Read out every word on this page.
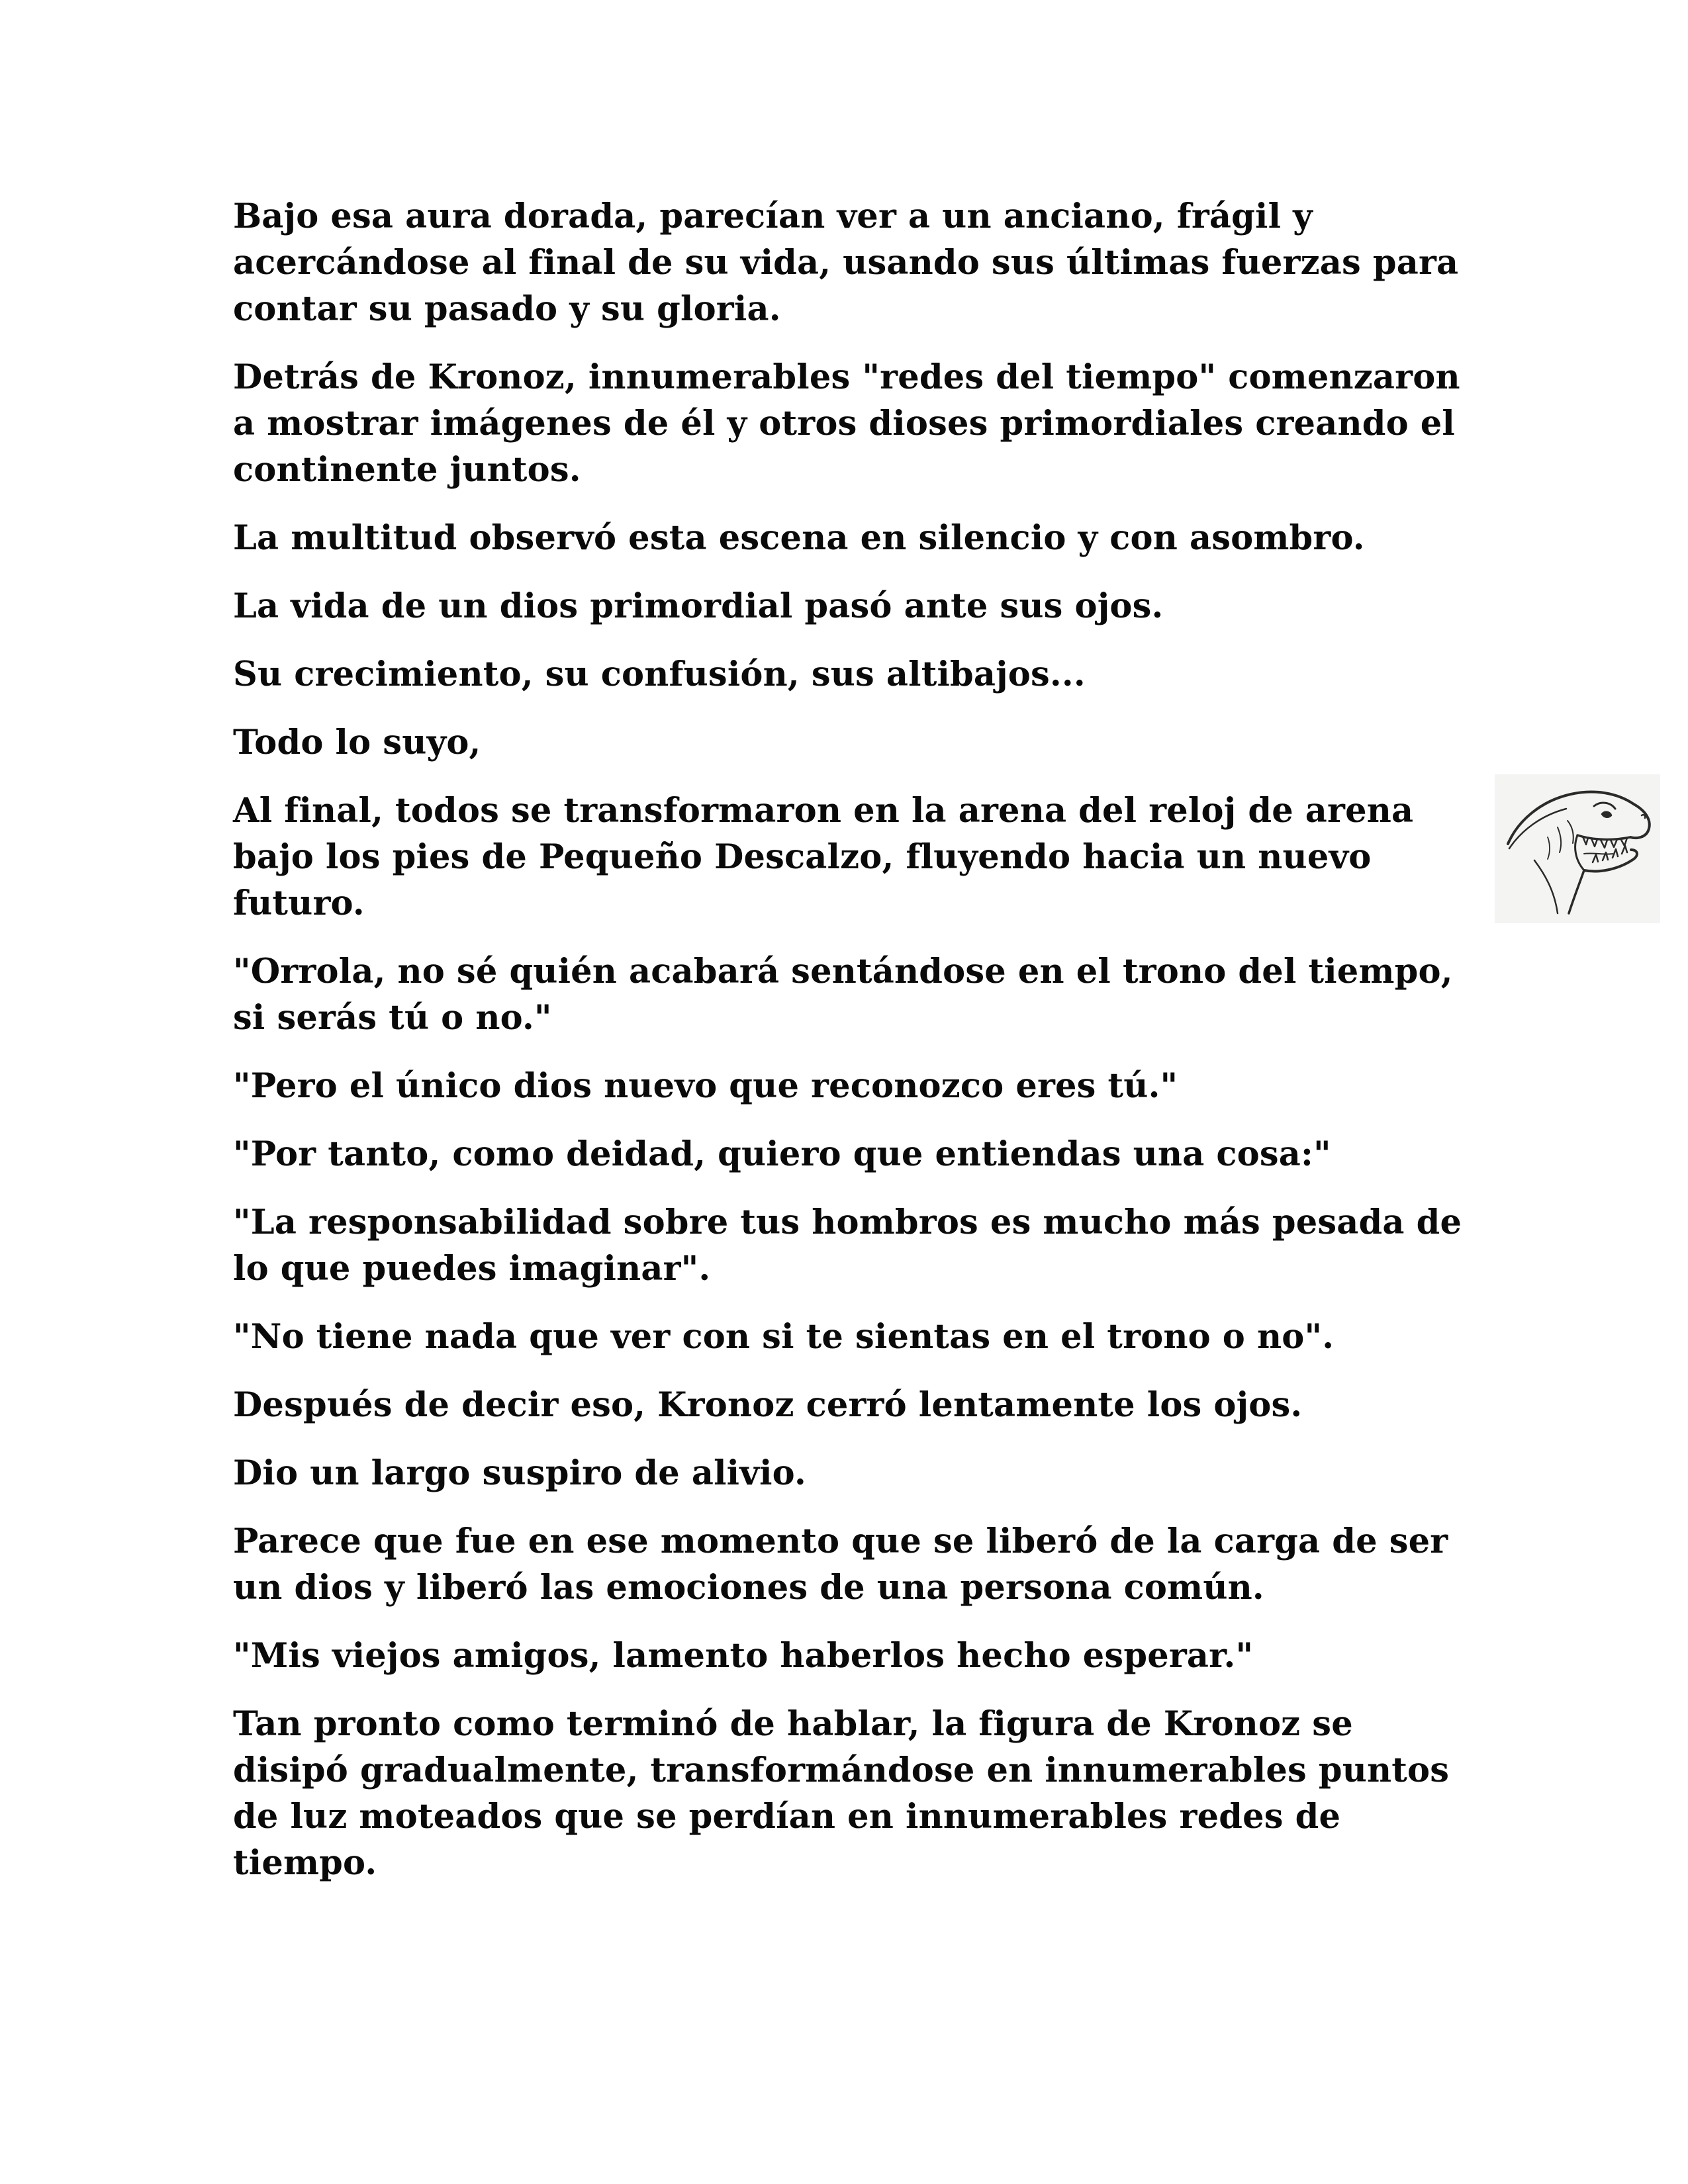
Bajo esa aura dorada, parecían ver a un anciano, frágil y acercándose al final de su vida, usando sus últimas fuerzas para contar su pasado y su gloria.

Detrás de Kronoz, innumerables "redes del tiempo" comenzaron a mostrar imágenes de él y otros dioses primordiales creando el continente juntos.

La multitud observó esta escena en silencio y con asombro.

La vida de un dios primordial pasó ante sus ojos.

Su crecimiento, su confusión, sus altibajos...

Todo lo suyo,

Al final, todos se transformaron en la arena del reloj de arena bajo los pies de Pequeño Descalzo, fluyendo hacia un nuevo futuro.

"Orrola, no sé quién acabará sentándose en el trono del tiempo, si serás tú o no."

"Pero el único dios nuevo que reconozco eres tú."

"Por tanto, como deidad, quiero que entiendas una cosa:"

"La responsabilidad sobre tus hombros es mucho más pesada de lo que puedes imaginar".

"No tiene nada que ver con si te sientas en el trono o no".

Después de decir eso, Kronoz cerró lentamente los ojos.

Dio un largo suspiro de alivio.

Parece que fue en ese momento que se liberó de la carga de ser un dios y liberó las emociones de una persona común.

"Mis viejos amigos, lamento haberlos hecho esperar."

Tan pronto como terminó de hablar, la figura de Kronoz se disipó gradualmente, transformándose en innumerables puntos de luz moteados que se perdían en innumerables redes de tiempo.
